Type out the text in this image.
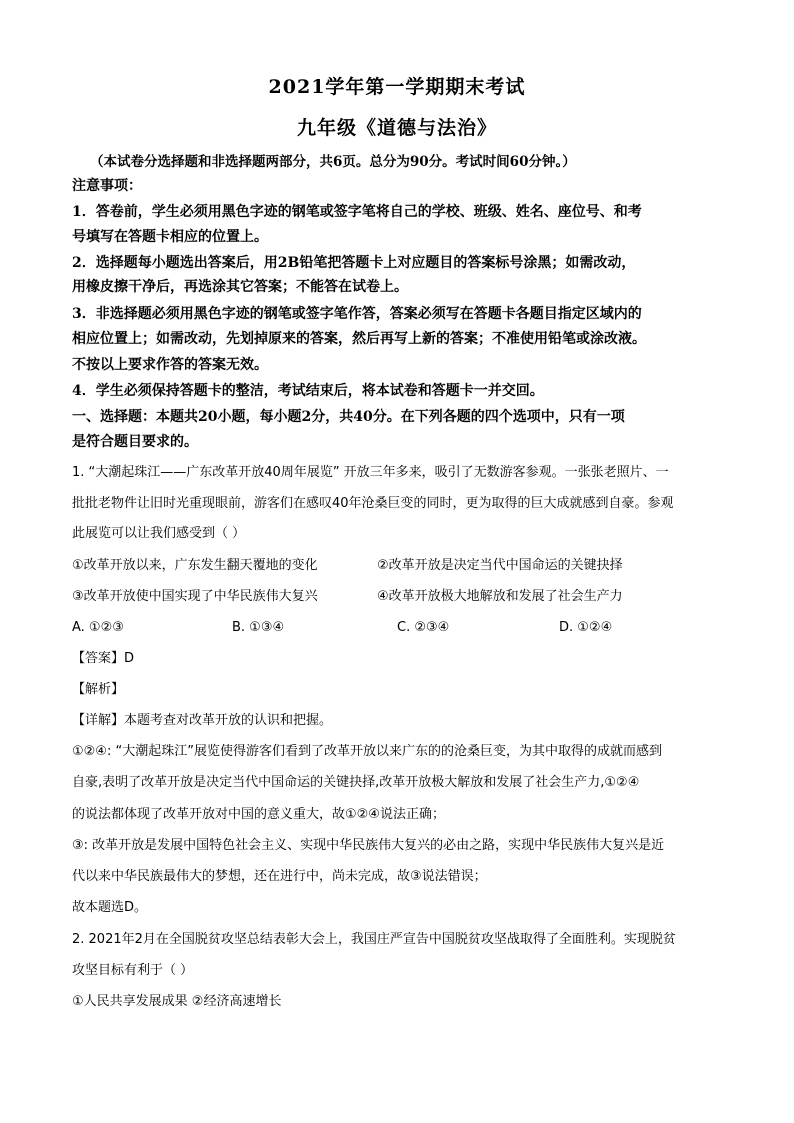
2021学年第一学期期末考试
九年级《道德与法治》
（本试卷分选择题和非选择题两部分，共6页。总分为90分。考试时间60分钟。）
注意事项：
1．答卷前，学生必须用黑色字迹的钢笔或签字笔将自己的学校、班级、姓名、座位号、和考
号填写在答题卡相应的位置上。
2．选择题每小题选出答案后，用2B铅笔把答题卡上对应题目的答案标号涂黑；如需改动，
用橡皮擦干净后，再选涂其它答案；不能答在试卷上。
3．非选择题必须用黑色字迹的钢笔或签字笔作答，答案必须写在答题卡各题目指定区域内的
相应位置上；如需改动，先划掉原来的答案，然后再写上新的答案；不准使用铅笔或涂改液。
不按以上要求作答的答案无效。
4．学生必须保持答题卡的整洁，考试结束后，将本试卷和答题卡一并交回。
一、选择题：本题共20小题，每小题2分，共40分。在下列各题的四个选项中，只有一项
是符合题目要求的。
1. “大潮起珠江——广东改革开放40周年展览” 开放三年多来，吸引了无数游客参观。一张张老照片、一
批批老物件让旧时光重现眼前，游客们在感叹40年沧桑巨变的同时，更为取得的巨大成就感到自豪。参观
此展览可以让我们感受到（ ）
①改革开放以来，广东发生翻天覆地的变化	②改革开放是决定当代中国命运的关键抉择
③改革开放使中国实现了中华民族伟大复兴	④改革开放极大地解放和发展了社会生产力
A. ①②③	B. ①③④	C. ②③④	D. ①②④
【答案】D
【解析】
【详解】本题考查对改革开放的认识和把握。
①②④: “大潮起珠江”展览使得游客们看到了改革开放以来广东的的沧桑巨变，为其中取得的成就而感到
自豪,表明了改革开放是决定当代中国命运的关键抉择,改革开放极大解放和发展了社会生产力,①②④
的说法都体现了改革开放对中国的意义重大，故①②④说法正确；
③: 改革开放是发展中国特色社会主义、实现中华民族伟大复兴的必由之路，实现中华民族伟大复兴是近
代以来中华民族最伟大的梦想，还在进行中，尚未完成，故③说法错误；
故本题选D。
2. 2021年2月在全国脱贫攻坚总结表彰大会上，我国庄严宣告中国脱贫攻坚战取得了全面胜利。实现脱贫
攻坚目标有利于（ ）
①人民共享发展成果 ②经济高速增长
